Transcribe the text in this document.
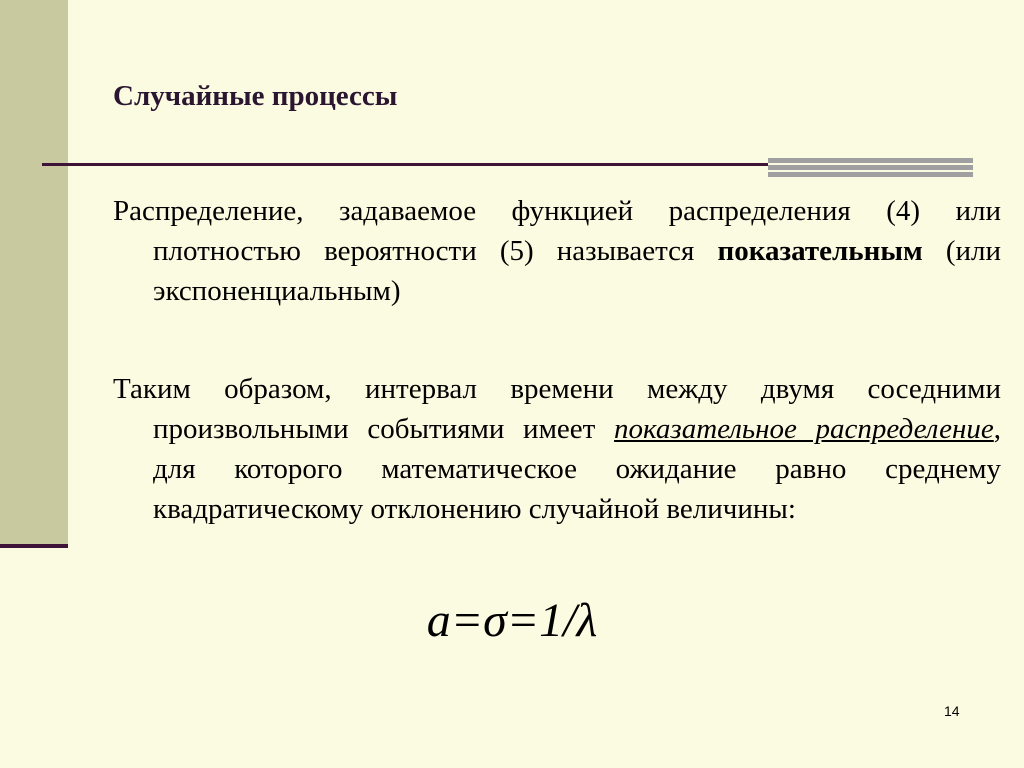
Случайные процессы

Распределение, задаваемое функцией распределения (4) или плотностью вероятности (5) называется показательным (или экспоненциальным)

Таким образом, интервал времени между двумя соседними произвольными событиями имеет показательное распределение, для которого математическое ожидание равно среднему квадратическому отклонению случайной величины:

a=σ=1/λ
14
